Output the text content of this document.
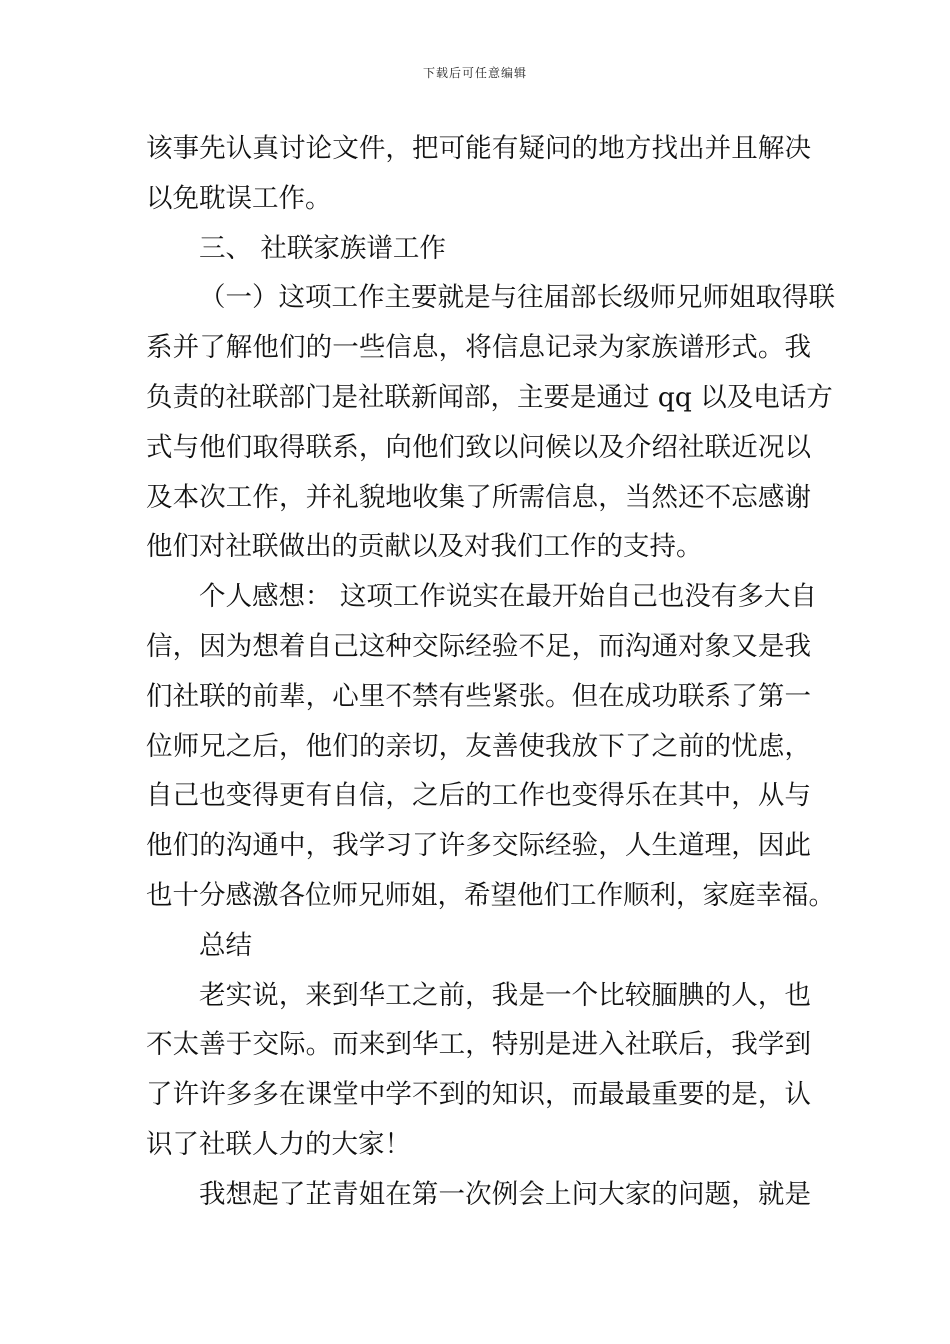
下载后可任意编辑
该事先认真讨论文件，把可能有疑问的地方找出并且解决
以免耽误工作。
三、 社联家族谱工作
（一）这项工作主要就是与往届部长级师兄师姐取得联
系并了解他们的一些信息，将信息记录为家族谱形式。我
负责的社联部门是社联新闻部，主要是通过 qq 以及电话方
式与他们取得联系，向他们致以问候以及介绍社联近况以
及本次工作，并礼貌地收集了所需信息，当然还不忘感谢
他们对社联做出的贡献以及对我们工作的支持。
个人感想： 这项工作说实在最开始自己也没有多大自
信，因为想着自己这种交际经验不足，而沟通对象又是我
们社联的前辈，心里不禁有些紧张。但在成功联系了第一
位师兄之后，他们的亲切，友善使我放下了之前的忧虑，
自己也变得更有自信，之后的工作也变得乐在其中，从与
他们的沟通中，我学习了许多交际经验，人生道理，因此
也十分感激各位师兄师姐，希望他们工作顺利，家庭幸福。
总结
老实说，来到华工之前，我是一个比较腼腆的人，也
不太善于交际。而来到华工，特别是进入社联后，我学到
了许许多多在课堂中学不到的知识，而最最重要的是，认
识了社联人力的大家！
我想起了芷青姐在第一次例会上问大家的问题，就是
